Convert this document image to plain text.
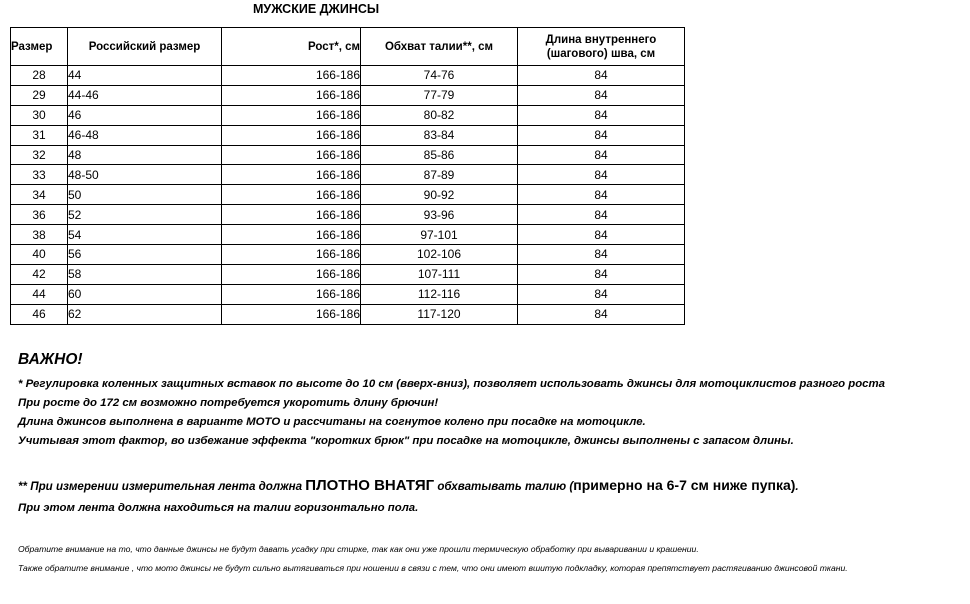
МУЖСКИЕ ДЖИНСЫ
Размер	Российский размер	Рост*, см	Обхват талии**, см	Длина внутреннего (шагового) шва, см
28	44	166-186	74-76	84
29	44-46	166-186	77-79	84
30	46	166-186	80-82	84
31	46-48	166-186	83-84	84
32	48	166-186	85-86	84
33	48-50	166-186	87-89	84
34	50	166-186	90-92	84
36	52	166-186	93-96	84
38	54	166-186	97-101	84
40	56	166-186	102-106	84
42	58	166-186	107-111	84
44	60	166-186	112-116	84
46	62	166-186	117-120	84
ВАЖНО!
* Регулировка коленных защитных вставок по высоте до 10 см (вверх-вниз), позволяет использовать джинсы для мотоциклистов разного роста
При росте до 172 см возможно потребуется укоротить длину брючин!
Длина джинсов выполнена в варианте МОТО и рассчитаны на согнутое колено при посадке на мотоцикле.
Учитывая этот фактор, во избежание эффекта "коротких брюк" при посадке на мотоцикле, джинсы выполнены с запасом длины.
** При измерении измерительная лента должна ПЛОТНО ВНАТЯГ обхватывать талию (примерно на 6-7 см ниже пупка).
При этом лента должна находиться на талии горизонтально пола.
Обратите внимание на то, что данные джинсы не будут давать усадку при стирке, так как они уже прошли термическую обработку при вываривании и крашении.
Также обратите внимание , что мото джинсы не будут сильно вытягиваться при ношении в связи с тем, что они имеют вшитую подкладку, которая препятствует растягиванию джинсовой ткани.
